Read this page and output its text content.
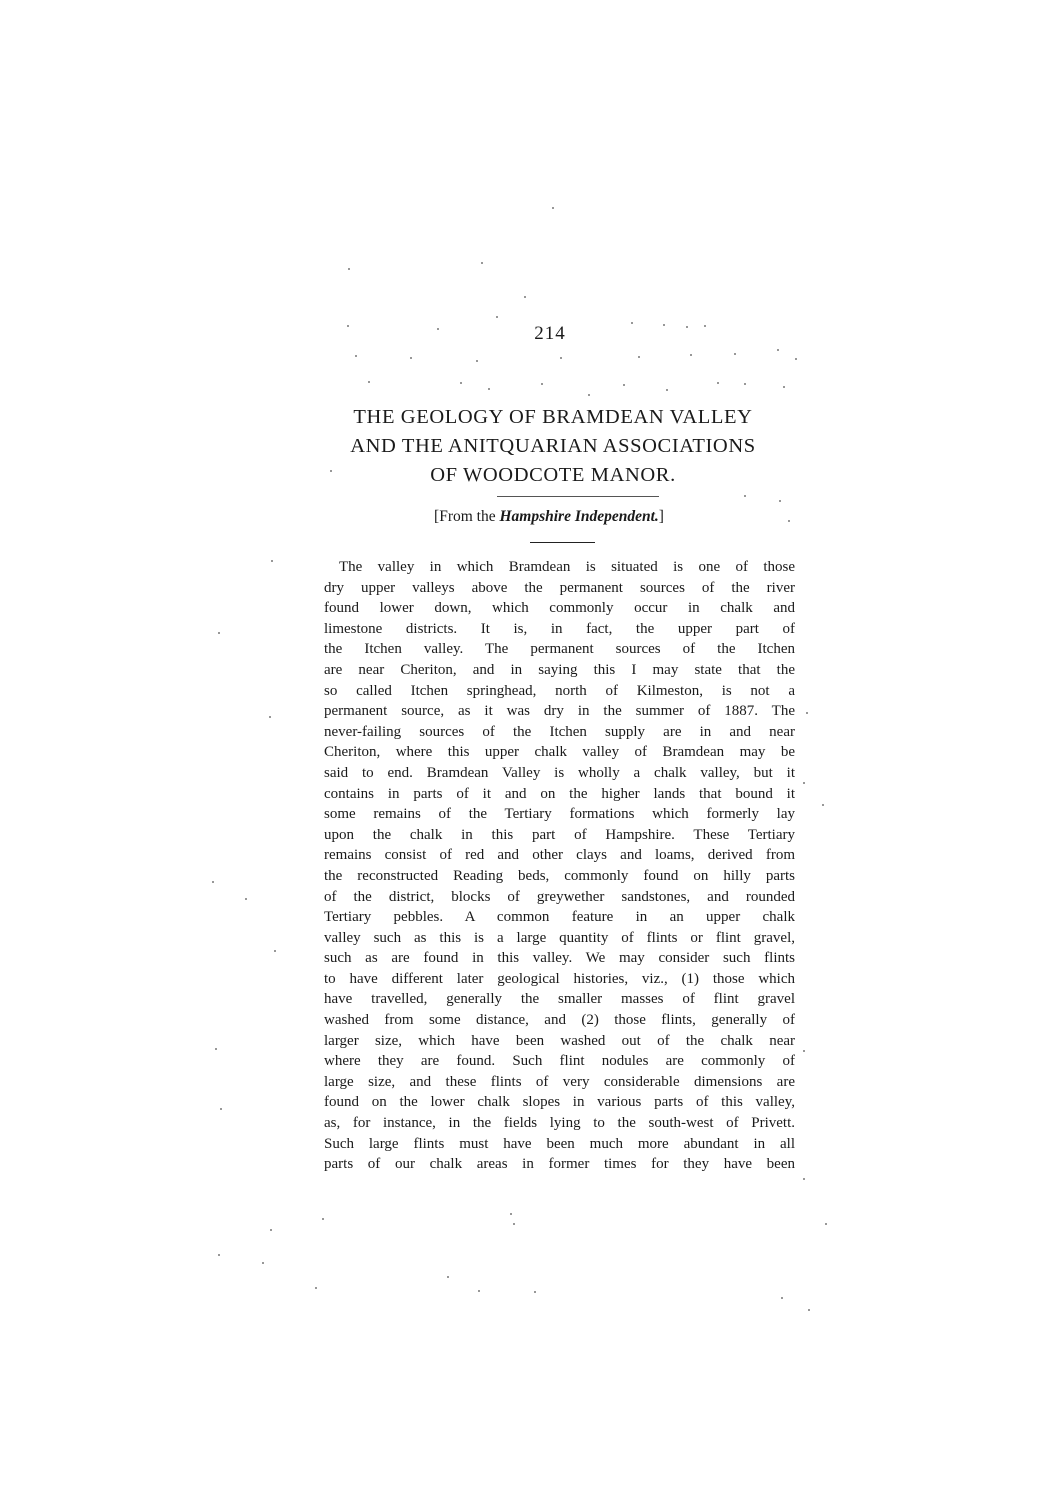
214
THE GEOLOGY OF BRAMDEAN VALLEY
AND THE ANITQUARIAN ASSOCIATIONS
OF WOODCOTE MANOR.
[From the Hampshire Independent.]
The valley in which Bramdean is situated is one of those
dry upper valleys above the permanent sources of the river
found lower down, which commonly occur in chalk and
limestone districts. It is, in fact, the upper part of
the Itchen valley. The permanent sources of the Itchen
are near Cheriton, and in saying this I may state that the
so called Itchen springhead, north of Kilmeston, is not a
permanent source, as it was dry in the summer of 1887. The
never-failing sources of the Itchen supply are in and near
Cheriton, where this upper chalk valley of Bramdean may be
said to end. Bramdean Valley is wholly a chalk valley, but it
contains in parts of it and on the higher lands that bound it
some remains of the Tertiary formations which formerly lay
upon the chalk in this part of Hampshire. These Tertiary
remains consist of red and other clays and loams, derived from
the reconstructed Reading beds, commonly found on hilly parts
of the district, blocks of greywether sandstones, and rounded
Tertiary pebbles. A common feature in an upper chalk
valley such as this is a large quantity of flints or flint gravel,
such as are found in this valley. We may consider such flints
to have different later geological histories, viz., (1) those which
have travelled, generally the smaller masses of flint gravel
washed from some distance, and (2) those flints, generally of
larger size, which have been washed out of the chalk near
where they are found. Such flint nodules are commonly of
large size, and these flints of very considerable dimensions are
found on the lower chalk slopes in various parts of this valley,
as, for instance, in the fields lying to the south-west of Privett.
Such large flints must have been much more abundant in all
parts of our chalk areas in former times for they have been
